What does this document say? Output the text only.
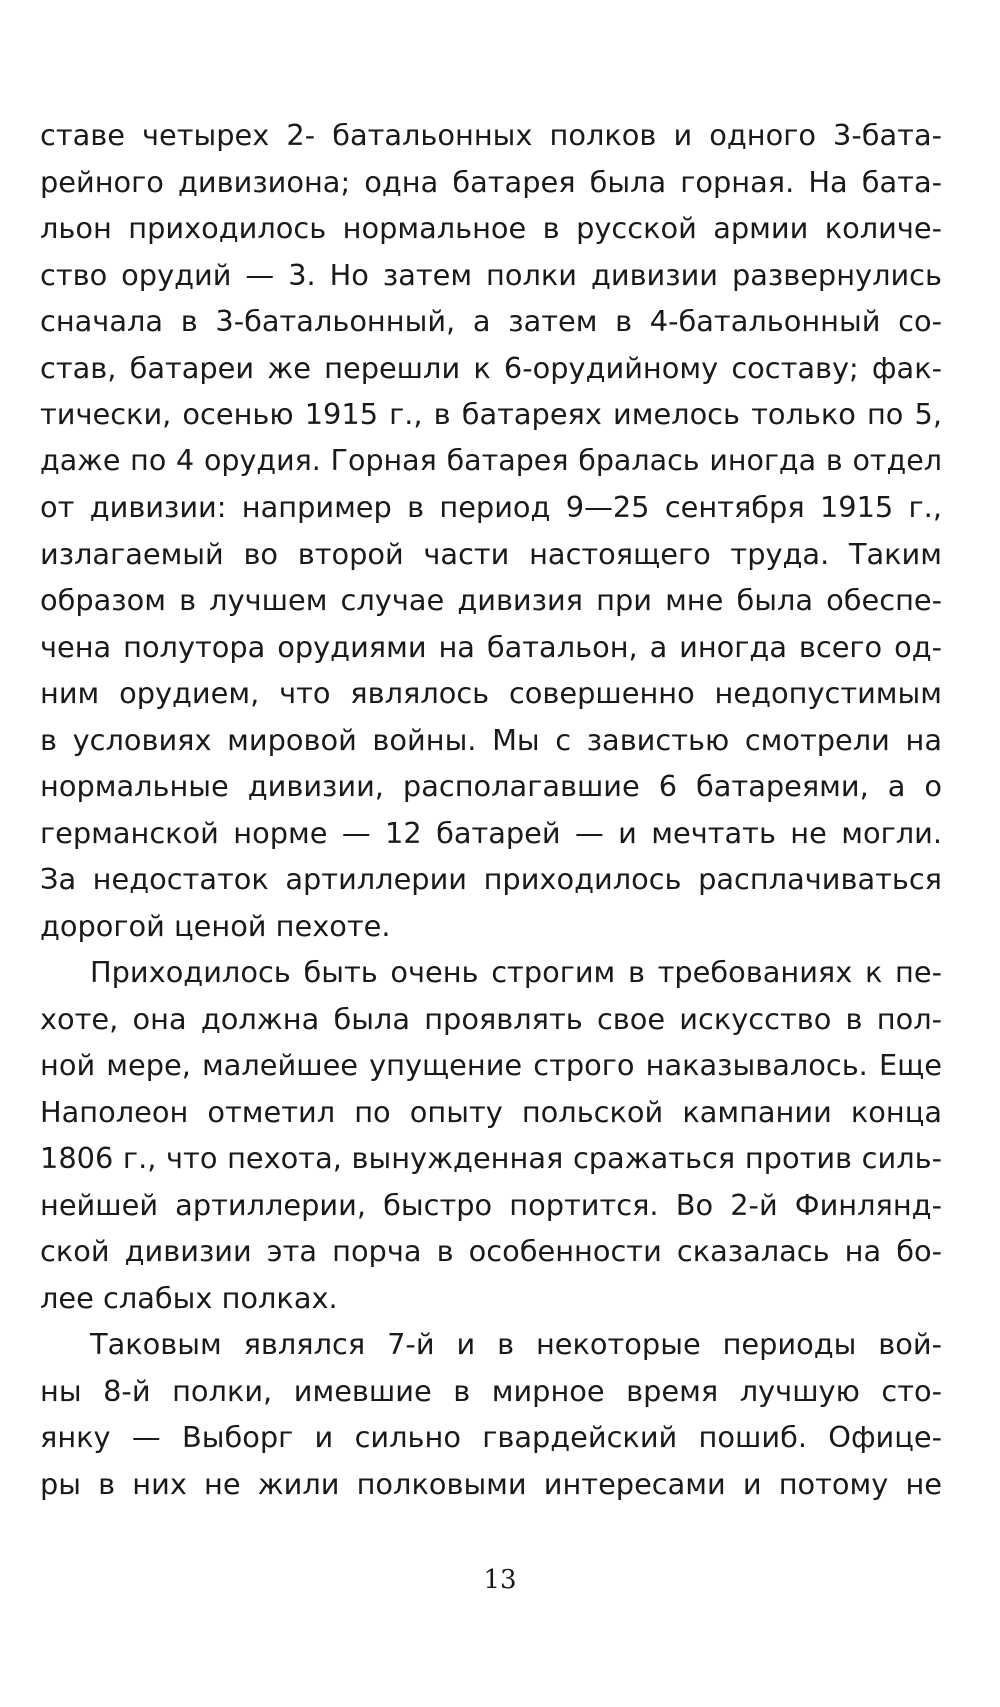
ставе четырех 2- батальонных полков и одного 3-бата-
рейного дивизиона; одна батарея была горная. На бата-
льон приходилось нормальное в русской армии количе-
ство орудий — 3. Но затем полки дивизии развернулись
сначала в 3-батальонный, а затем в 4-батальонный со-
став, батареи же перешли к 6-орудийному составу; фак-
тически, осенью 1915 г., в батареях имелось только по 5,
даже по 4 орудия. Горная батарея бралась иногда в отдел
от дивизии: например в период 9—25 сентября 1915 г.,
излагаемый во второй части настоящего труда. Таким
образом в лучшем случае дивизия при мне была обеспе-
чена полутора орудиями на батальон, а иногда всего од-
ним орудием, что являлось совершенно недопустимым
в условиях мировой войны. Мы с завистью смотрели на
нормальные дивизии, располагавшие 6 батареями, а о
германской норме — 12 батарей — и мечтать не могли.
За недостаток артиллерии приходилось расплачиваться
дорогой ценой пехоте.
Приходилось быть очень строгим в требованиях к пе-
хоте, она должна была проявлять свое искусство в пол-
ной мере, малейшее упущение строго наказывалось. Еще
Наполеон отметил по опыту польской кампании конца
1806 г., что пехота, вынужденная сражаться против силь-
нейшей артиллерии, быстро портится. Во 2-й Финлянд-
ской дивизии эта порча в особенности сказалась на бо-
лее слабых полках.
Таковым являлся 7-й и в некоторые периоды вой-
ны 8-й полки, имевшие в мирное время лучшую сто-
янку — Выборг и сильно гвардейский пошиб. Офице-
ры в них не жили полковыми интересами и потому не
13
